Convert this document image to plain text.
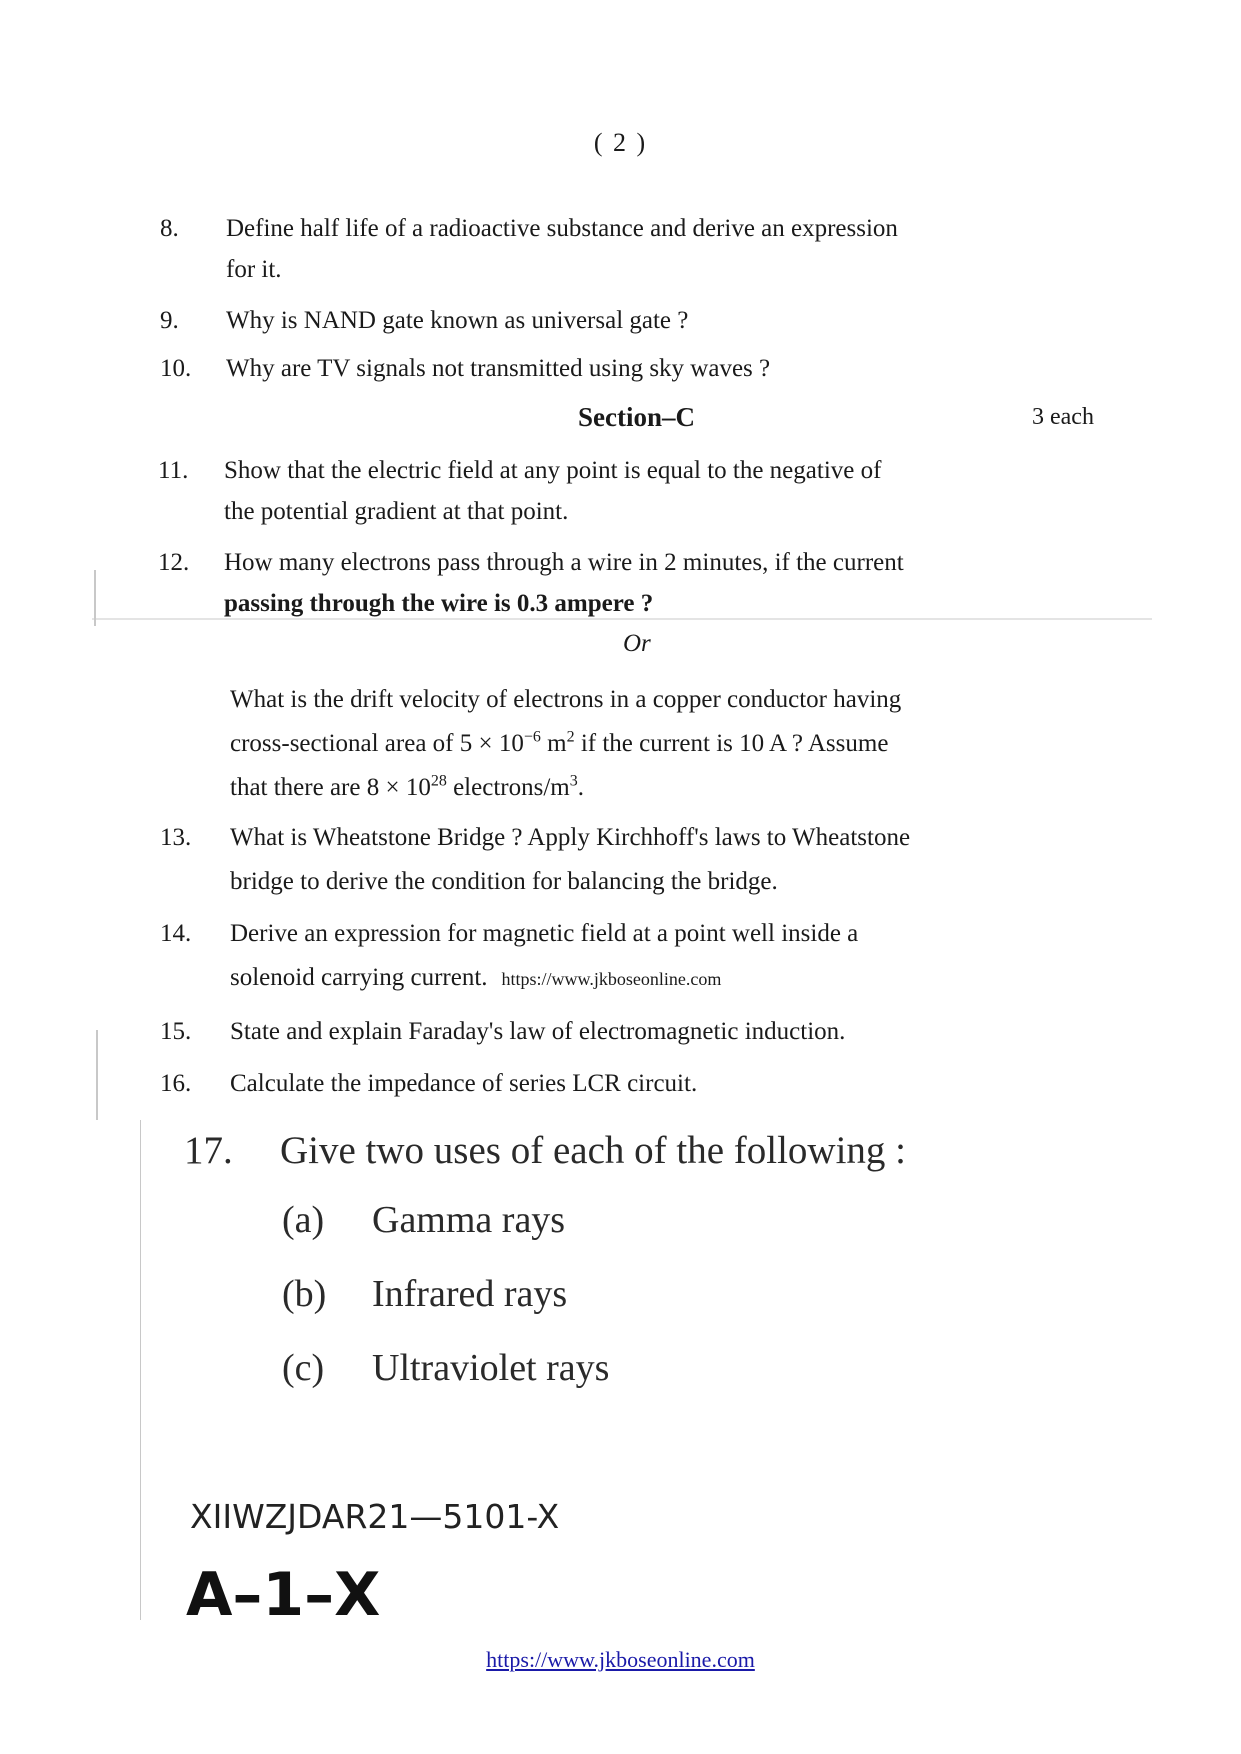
( 2 )
8. Define half life of a radioactive substance and derive an expression
for it.
9. Why is NAND gate known as universal gate ?
10. Why are TV signals not transmitted using sky waves ?
Section–C	3 each
11. Show that the electric field at any point is equal to the negative of
the potential gradient at that point.
12. How many electrons pass through a wire in 2 minutes, if the current
passing through the wire is 0.3 ampere ?
Or
What is the drift velocity of electrons in a copper conductor having
cross-sectional area of $5 \times 10^{-6}$ $m^2$ if the current is 10 A ? Assume
that there are $8 \times 10^{28}$ electrons/$m^3$.
13. What is Wheatstone Bridge ? Apply Kirchhoff's laws to Wheatstone
bridge to derive the condition for balancing the bridge.
14. Derive an expression for magnetic field at a point well inside a
solenoid carrying current. https://www.jkboseonline.com
15. State and explain Faraday's law of electromagnetic induction.
16. Calculate the impedance of series LCR circuit.
17. Give two uses of each of the following :
(a) Gamma rays
(b) Infrared rays
(c) Ultraviolet rays
XIIWZJDAR21—5101-X
A–1–X
https://www.jkboseonline.com
